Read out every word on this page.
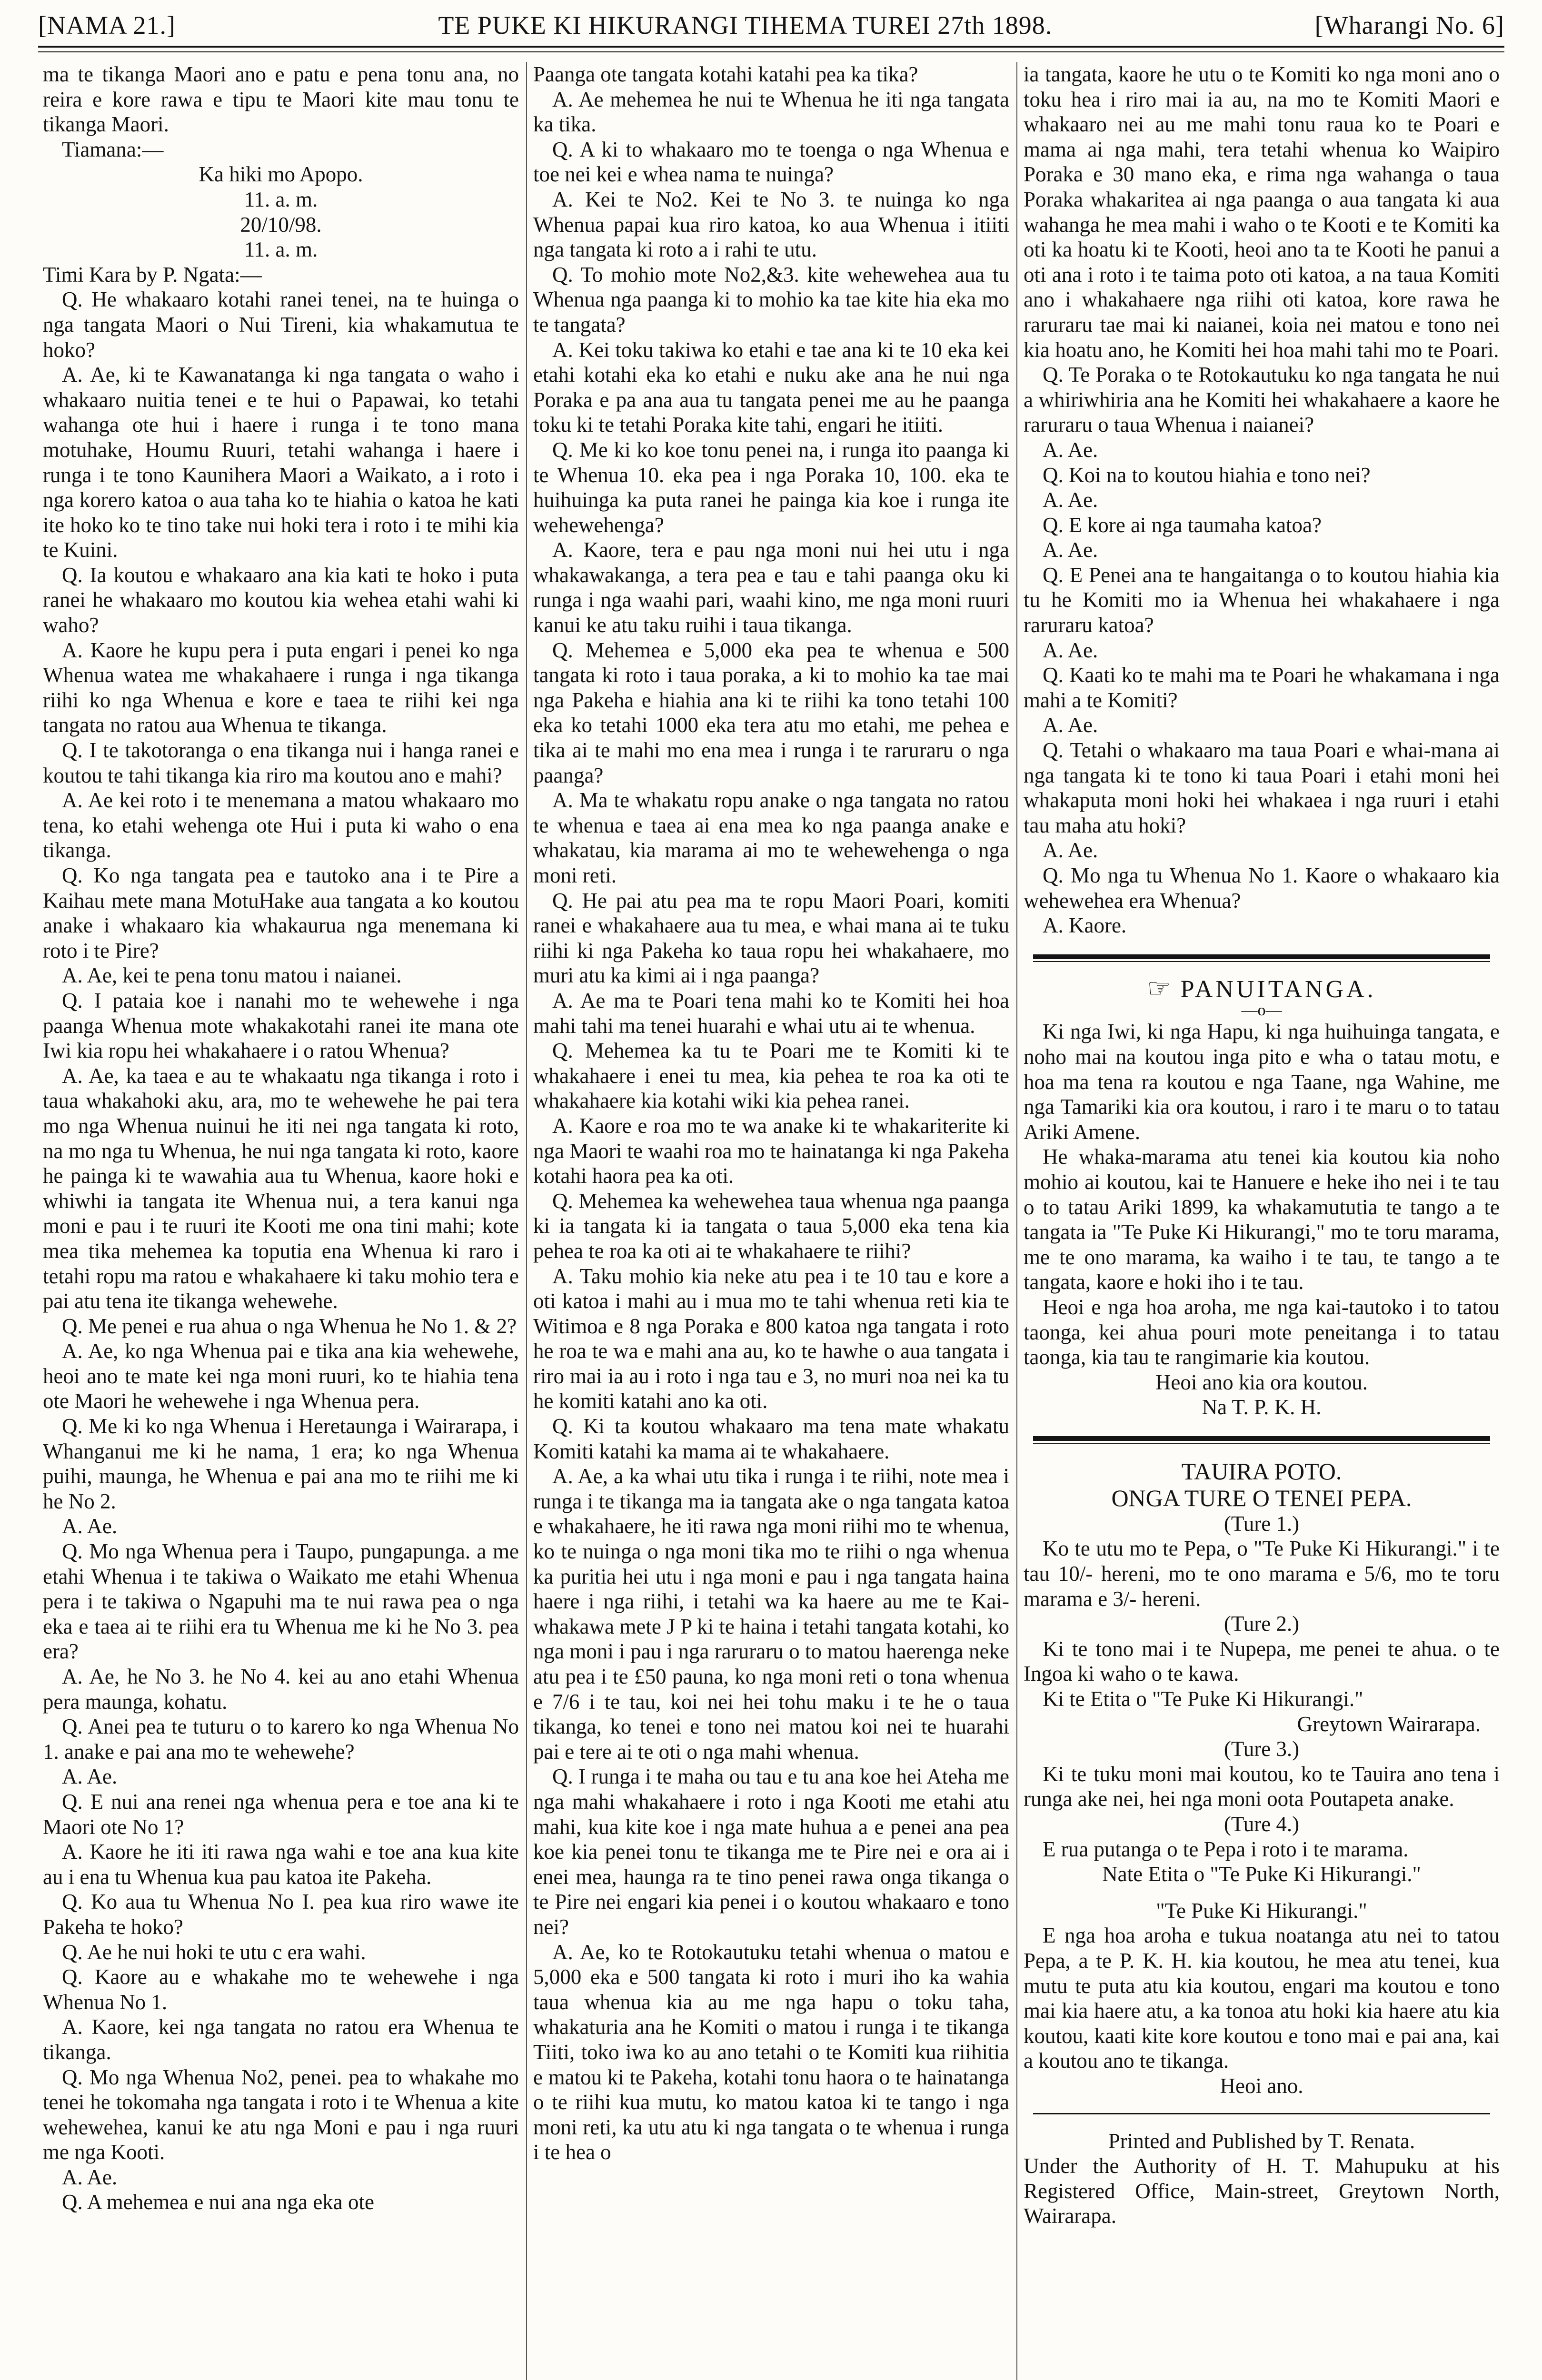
[NAMA 21.]	TE PUKE KI HIKURANGI TIHEMA TUREI 27th 1898.	[Wharangi No. 6]

ma te tikanga Maori ano e patu e pena tonu ana, no reira e kore rawa e tipu te Maori kite mau tonu te tikanga Maori.

Tiamana:—

Ka hiki mo Apopo.

11. a. m.

20/10/98.

11. a. m.

Timi Kara by P. Ngata:—

Q. He whakaaro kotahi ranei tenei, na te huinga o nga tangata Maori o Nui Tireni, kia whakamutua te hoko?

A. Ae, ki te Kawanatanga ki nga tangata o waho i whakaaro nuitia tenei e te hui o Papawai, ko tetahi wahanga ote hui i haere i runga i te tono mana motuhake, Houmu Ruuri, tetahi wahanga i haere i runga i te tono Kaunihera Maori a Waikato, a i roto i nga korero katoa o aua taha ko te hiahia o katoa he kati ite hoko ko te tino take nui hoki tera i roto i te mihi kia te Kuini.

Q. Ia koutou e whakaaro ana kia kati te hoko i puta ranei he whakaaro mo koutou kia wehea etahi wahi ki waho?

A. Kaore he kupu pera i puta engari i penei ko nga Whenua watea me whakahaere i runga i nga tikanga riihi ko nga Whenua e kore e taea te riihi kei nga tangata no ratou aua Whenua te tikanga.

Q. I te takotoranga o ena tikanga nui i hanga ranei e koutou te tahi tikanga kia riro ma koutou ano e mahi?

A. Ae kei roto i te menemana a matou whakaaro mo tena, ko etahi wehenga ote Hui i puta ki waho o ena tikanga.

Q. Ko nga tangata pea e tautoko ana i te Pire a Kaihau mete mana MotuHake aua tangata a ko koutou anake i whakaaro kia whakaurua nga menemana ki roto i te Pire?

A. Ae, kei te pena tonu matou i naianei.

Q. I pataia koe i nanahi mo te wehewehe i nga paanga Whenua mote whakakotahi ranei ite mana ote Iwi kia ropu hei whakahaere i o ratou Whenua?

A. Ae, ka taea e au te whakaatu nga tikanga i roto i taua whakahoki aku, ara, mo te wehewehe he pai tera mo nga Whenua nuinui he iti nei nga tangata ki roto, na mo nga tu Whenua, he nui nga tangata ki roto, kaore he painga ki te wawahia aua tu Whenua, kaore hoki e whiwhi ia tangata ite Whenua nui, a tera kanui nga moni e pau i te ruuri ite Kooti me ona tini mahi; kote mea tika mehemea ka toputia ena Whenua ki raro i tetahi ropu ma ratou e whakahaere ki taku mohio tera e pai atu tena ite tikanga wehewehe.

Q. Me penei e rua ahua o nga Whenua he No 1. & 2?

A. Ae, ko nga Whenua pai e tika ana kia wehewehe, heoi ano te mate kei nga moni ruuri, ko te hiahia tena ote Maori he wehewehe i nga Whenua pera.

Q. Me ki ko nga Whenua i Heretaunga i Wairarapa, i Whanganui me ki he nama, 1 era; ko nga Whenua puihi, maunga, he Whenua e pai ana mo te riihi me ki he No 2.

A. Ae.

Q. Mo nga Whenua pera i Taupo, pungapunga. a me etahi Whenua i te takiwa o Waikato me etahi Whenua pera i te takiwa o Ngapuhi ma te nui rawa pea o nga eka e taea ai te riihi era tu Whenua me ki he No 3. pea era?

A. Ae, he No 3. he No 4. kei au ano etahi Whenua pera maunga, kohatu.

Q. Anei pea te tuturu o to karero ko nga Whenua No 1. anake e pai ana mo te wehewehe?

A. Ae.

Q. E nui ana renei nga whenua pera e toe ana ki te Maori ote No 1?

A. Kaore he iti iti rawa nga wahi e toe ana kua kite au i ena tu Whenua kua pau katoa ite Pakeha.

Q. Ko aua tu Whenua No I. pea kua riro wawe ite Pakeha te hoko?

Q. Ae he nui hoki te utu c era wahi.

Q. Kaore au e whakahe mo te wehewehe i nga Whenua No 1.

A. Kaore, kei nga tangata no ratou era Whenua te tikanga.

Q. Mo nga Whenua No2, penei. pea to whakahe mo tenei he tokomaha nga tangata i roto i te Whenua a kite wehewehea, kanui ke atu nga Moni e pau i nga ruuri me nga Kooti.

A. Ae.

Q. A mehemea e nui ana nga eka ote

Paanga ote tangata kotahi katahi pea ka tika?

A. Ae mehemea he nui te Whenua he iti nga tangata ka tika.

Q. A ki to whakaaro mo te toenga o nga Whenua e toe nei kei e whea nama te nuinga?

A. Kei te No2. Kei te No 3. te nuinga ko nga Whenua papai kua riro katoa, ko aua Whenua i itiiti nga tangata ki roto a i rahi te utu.

Q. To mohio mote No2,&3. kite wehewehea aua tu Whenua nga paanga ki to mohio ka tae kite hia eka mo te tangata?

A. Kei toku takiwa ko etahi e tae ana ki te 10 eka kei etahi kotahi eka ko etahi e nuku ake ana he nui nga Poraka e pa ana aua tu tangata penei me au he paanga toku ki te tetahi Poraka kite tahi, engari he itiiti.

Q. Me ki ko koe tonu penei na, i runga ito paanga ki te Whenua 10. eka pea i nga Poraka 10, 100. eka te huihuinga ka puta ranei he painga kia koe i runga ite wehewehenga?

A. Kaore, tera e pau nga moni nui hei utu i nga whakawakanga, a tera pea e tau e tahi paanga oku ki runga i nga waahi pari, waahi kino, me nga moni ruuri kanui ke atu taku ruihi i taua tikanga.

Q. Mehemea e 5,000 eka pea te whenua e 500 tangata ki roto i taua poraka, a ki to mohio ka tae mai nga Pakeha e hiahia ana ki te riihi ka tono tetahi 100 eka ko tetahi 1000 eka tera atu mo etahi, me pehea e tika ai te mahi mo ena mea i runga i te raruraru o nga paanga?

A. Ma te whakatu ropu anake o nga tangata no ratou te whenua e taea ai ena mea ko nga paanga anake e whakatau, kia marama ai mo te wehewehenga o nga moni reti.

Q. He pai atu pea ma te ropu Maori Poari, komiti ranei e whakahaere aua tu mea, e whai mana ai te tuku riihi ki nga Pakeha ko taua ropu hei whakahaere, mo muri atu ka kimi ai i nga paanga?

A. Ae ma te Poari tena mahi ko te Komiti hei hoa mahi tahi ma tenei huarahi e whai utu ai te whenua.

Q. Mehemea ka tu te Poari me te Komiti ki te whakahaere i enei tu mea, kia pehea te roa ka oti te whakahaere kia kotahi wiki kia pehea ranei.

A. Kaore e roa mo te wa anake ki te whakariterite ki nga Maori te waahi roa mo te hainatanga ki nga Pakeha kotahi haora pea ka oti.

Q. Mehemea ka wehewehea taua whenua nga paanga ki ia tangata ki ia tangata o taua 5,000 eka tena kia pehea te roa ka oti ai te whakahaere te riihi?

A. Taku mohio kia neke atu pea i te 10 tau e kore a oti katoa i mahi au i mua mo te tahi whenua reti kia te Witimoa e 8 nga Poraka e 800 katoa nga tangata i roto he roa te wa e mahi ana au, ko te hawhe o aua tangata i riro mai ia au i roto i nga tau e 3, no muri noa nei ka tu he komiti katahi ano ka oti.

Q. Ki ta koutou whakaaro ma tena mate whakatu Komiti katahi ka mama ai te whakahaere.

A. Ae, a ka whai utu tika i runga i te riihi, note mea i runga i te tikanga ma ia tangata ake o nga tangata katoa e whakahaere, he iti rawa nga moni riihi mo te whenua, ko te nuinga o nga moni tika mo te riihi o nga whenua ka puritia hei utu i nga moni e pau i nga tangata haina haere i nga riihi, i tetahi wa ka haere au me te Kai-whakawa mete J P ki te haina i tetahi tangata kotahi, ko nga moni i pau i nga raruraru o to matou haerenga neke atu pea i te £50 pauna, ko nga moni reti o tona whenua e 7/6 i te tau, koi nei hei tohu maku i te he o taua tikanga, ko tenei e tono nei matou koi nei te huarahi pai e tere ai te oti o nga mahi whenua.

Q. I runga i te maha ou tau e tu ana koe hei Ateha me nga mahi whakahaere i roto i nga Kooti me etahi atu mahi, kua kite koe i nga mate huhua a e penei ana pea koe kia penei tonu te tikanga me te Pire nei e ora ai i enei mea, haunga ra te tino penei rawa onga tikanga o te Pire nei engari kia penei i o koutou whakaaro e tono nei?

A. Ae, ko te Rotokautuku tetahi whenua o matou e 5,000 eka e 500 tangata ki roto i muri iho ka wahia taua whenua kia au me nga hapu o toku taha, whakaturia ana he Komiti o matou i runga i te tikanga Tiiti, toko iwa ko au ano tetahi o te Komiti kua riihitia e matou ki te Pakeha, kotahi tonu haora o te hainatanga o te riihi kua mutu, ko matou katoa ki te tango i nga moni reti, ka utu atu ki nga tangata o te whenua i runga i te hea o

ia tangata, kaore he utu o te Komiti ko nga moni ano o toku hea i riro mai ia au, na mo te Komiti Maori e whakaaro nei au me mahi tonu raua ko te Poari e mama ai nga mahi, tera tetahi whenua ko Waipiro Poraka e 30 mano eka, e rima nga wahanga o taua Poraka whakaritea ai nga paanga o aua tangata ki aua wahanga he mea mahi i waho o te Kooti e te Komiti ka oti ka hoatu ki te Kooti, heoi ano ta te Kooti he panui a oti ana i roto i te taima poto oti katoa, a na taua Komiti ano i whakahaere nga riihi oti katoa, kore rawa he raruraru tae mai ki naianei, koia nei matou e tono nei kia hoatu ano, he Komiti hei hoa mahi tahi mo te Poari.

Q. Te Poraka o te Rotokautuku ko nga tangata he nui a whiriwhiria ana he Komiti hei whakahaere a kaore he raruraru o taua Whenua i naianei?

A. Ae.

Q. Koi na to koutou hiahia e tono nei?

A. Ae.

Q. E kore ai nga taumaha katoa?

A. Ae.

Q. E Penei ana te hangaitanga o to koutou hiahia kia tu he Komiti mo ia Whenua hei whakahaere i nga raruraru katoa?

A. Ae.

Q. Kaati ko te mahi ma te Poari he whakamana i nga mahi a te Komiti?

A. Ae.

Q. Tetahi o whakaaro ma taua Poari e whai-mana ai nga tangata ki te tono ki taua Poari i etahi moni hei whakaputa moni hoki hei whakaea i nga ruuri i etahi tau maha atu hoki?

A. Ae.

Q. Mo nga tu Whenua No 1. Kaore o whakaaro kia wehewehea era Whenua?

A. Kaore.

☞ PANUITANGA.
—o—

Ki nga Iwi, ki nga Hapu, ki nga huihuinga tangata, e noho mai na koutou inga pito e wha o tatau motu, e hoa ma tena ra koutou e nga Taane, nga Wahine, me nga Tamariki kia ora koutou, i raro i te maru o to tatau Ariki Amene.

He whaka-marama atu tenei kia koutou kia noho mohio ai koutou, kai te Hanuere e heke iho nei i te tau o to tatau Ariki 1899, ka whakamututia te tango a te tangata ia "Te Puke Ki Hikurangi," mo te toru marama, me te ono marama, ka waiho i te tau, te tango a te tangata, kaore e hoki iho i te tau.

Heoi e nga hoa aroha, me nga kai-tautoko i to tatou taonga, kei ahua pouri mote peneitanga i to tatau taonga, kia tau te rangimarie kia koutou.

Heoi ano kia ora koutou.

Na T. P. K. H.

TAUIRA POTO.
ONGA TURE O TENEI PEPA.

(Ture 1.)

Ko te utu mo te Pepa, o "Te Puke Ki Hikurangi." i te tau 10/- hereni, mo te ono marama e 5/6, mo te toru marama e 3/- hereni.

(Ture 2.)

Ki te tono mai i te Nupepa, me penei te ahua. o te Ingoa ki waho o te kawa.

Ki te Etita o "Te Puke Ki Hikurangi."

Greytown Wairarapa.

(Ture 3.)

Ki te tuku moni mai koutou, ko te Tauira ano tena i runga ake nei, hei nga moni oota Poutapeta anake.

(Ture 4.)

E rua putanga o te Pepa i roto i te marama.

Nate Etita o "Te Puke Ki Hikurangi."

"Te Puke Ki Hikurangi."

E nga hoa aroha e tukua noatanga atu nei to tatou Pepa, a te P. K. H. kia koutou, he mea atu tenei, kua mutu te puta atu kia koutou, engari ma koutou e tono mai kia haere atu, a ka tonoa atu hoki kia haere atu kia koutou, kaati kite kore koutou e tono mai e pai ana, kai a koutou ano te tikanga.

Heoi ano.

Printed and Published by T. Renata.

Under the Authority of H. T. Mahupuku at his Registered Office, Main-street, Greytown North, Wairarapa.
